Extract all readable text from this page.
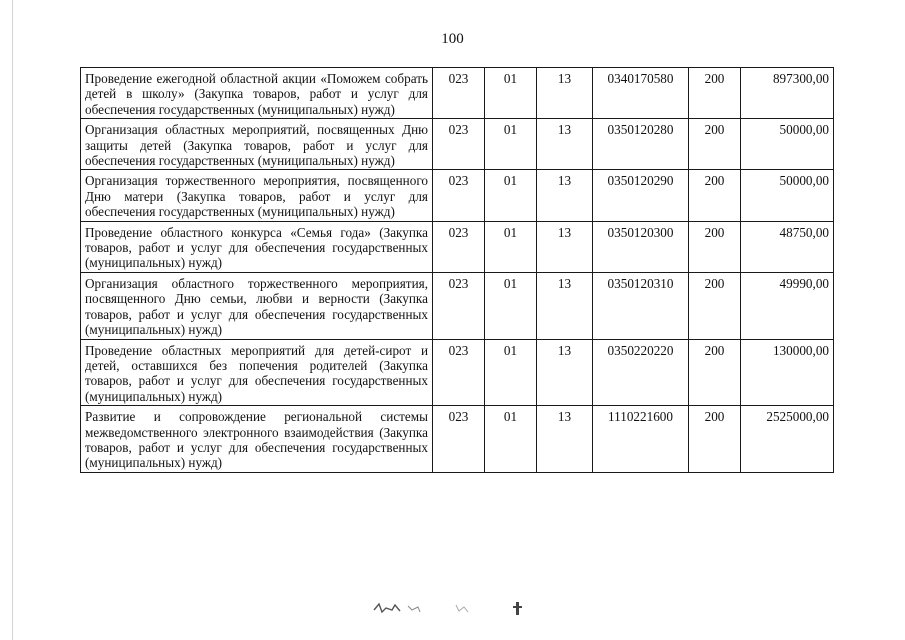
100
Проведение ежегодной областной акции «Поможем собрать детей в школу» (Закупка товаров, работ и услуг для обеспечения государственных (муниципальных) нужд)	023	01	13	0340170580	200	897300,00
Организация областных мероприятий, посвященных Дню защиты детей (Закупка товаров, работ и услуг для обеспечения государственных (муниципальных) нужд)	023	01	13	0350120280	200	50000,00
Организация торжественного мероприятия, посвященного Дню матери (Закупка товаров, работ и услуг для обеспечения государственных (муниципальных) нужд)	023	01	13	0350120290	200	50000,00
Проведение областного конкурса «Семья года» (Закупка товаров, работ и услуг для обеспечения государственных (муниципальных) нужд)	023	01	13	0350120300	200	48750,00
Организация областного торжественного мероприятия, посвященного Дню семьи, любви и верности (Закупка товаров, работ и услуг для обеспечения государственных (муниципальных) нужд)	023	01	13	0350120310	200	49990,00
Проведение областных мероприятий для детей-сирот и детей, оставшихся без попечения родителей (Закупка товаров, работ и услуг для обеспечения государственных (муниципальных) нужд)	023	01	13	0350220220	200	130000,00
Развитие и сопровождение региональной системы межведомственного электронного взаимодействия (Закупка товаров, работ и услуг для обеспечения государственных (муниципальных) нужд)	023	01	13	1110221600	200	2525000,00
